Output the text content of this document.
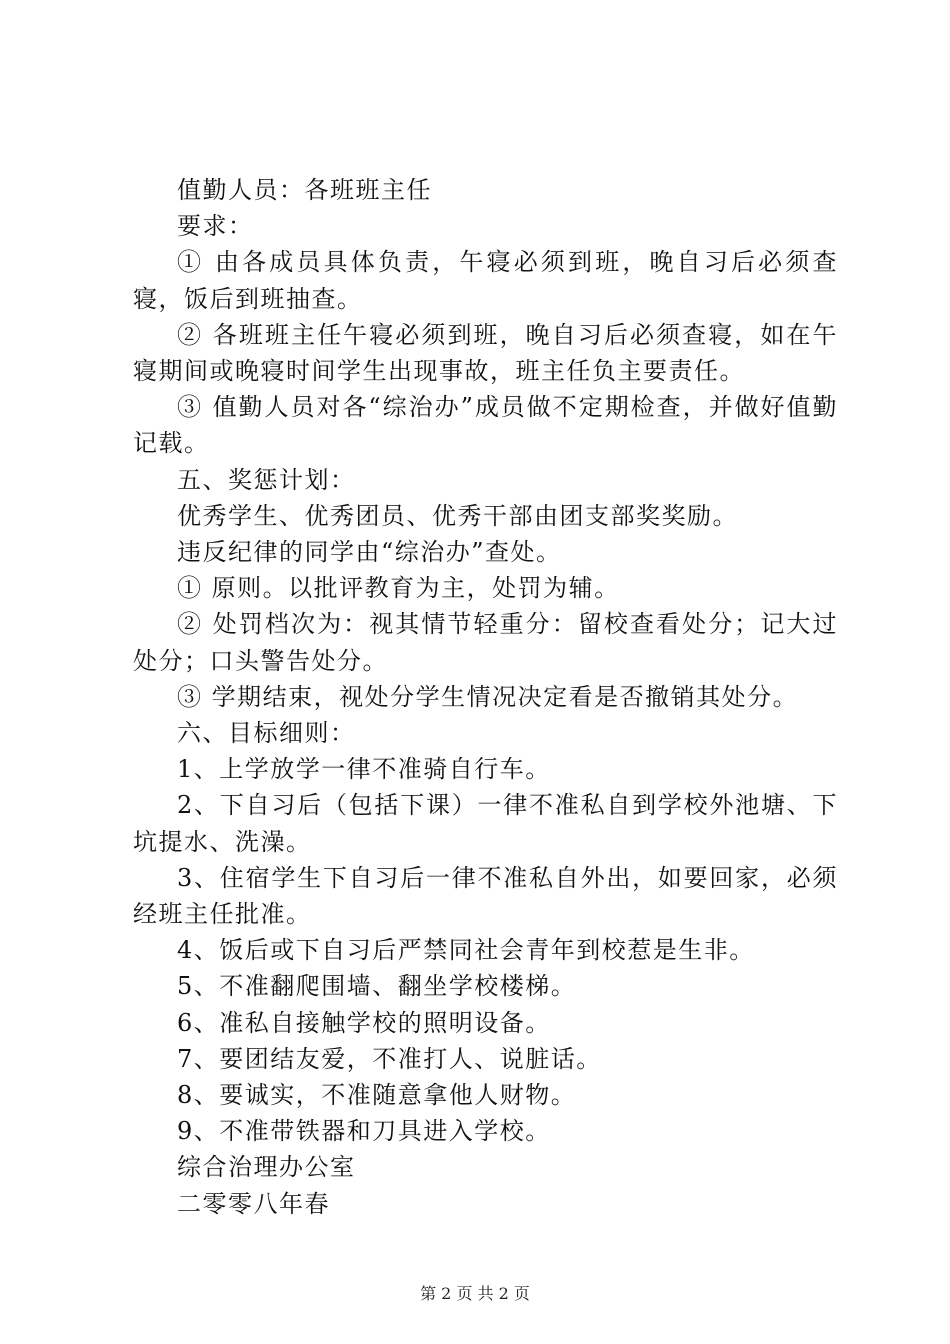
值勤人员：各班班主任

要求：

① 由各成员具体负责，午寝必须到班，晚自习后必须查寝，饭后到班抽查。

② 各班班主任午寝必须到班，晚自习后必须查寝，如在午寝期间或晚寝时间学生出现事故，班主任负主要责任。

③ 值勤人员对各“综治办”成员做不定期检查，并做好值勤记载。

五、奖惩计划：

优秀学生、优秀团员、优秀干部由团支部奖奖励。

违反纪律的同学由“综治办”查处。

① 原则。以批评教育为主，处罚为辅。

② 处罚档次为：视其情节轻重分：留校查看处分；记大过处分；口头警告处分。

③ 学期结束，视处分学生情况决定看是否撤销其处分。

六、目标细则：

1、上学放学一律不准骑自行车。

2、下自习后（包括下课）一律不准私自到学校外池塘、下坑提水、洗澡。

3、住宿学生下自习后一律不准私自外出，如要回家，必须经班主任批准。

4、饭后或下自习后严禁同社会青年到校惹是生非。

5、不准翻爬围墙、翻坐学校楼梯。

6、准私自接触学校的照明设备。

7、要团结友爱，不准打人、说脏话。

8、要诚实，不准随意拿他人财物。

9、不准带铁器和刀具进入学校。

综合治理办公室

二零零八年春

第 2 页 共 2 页
